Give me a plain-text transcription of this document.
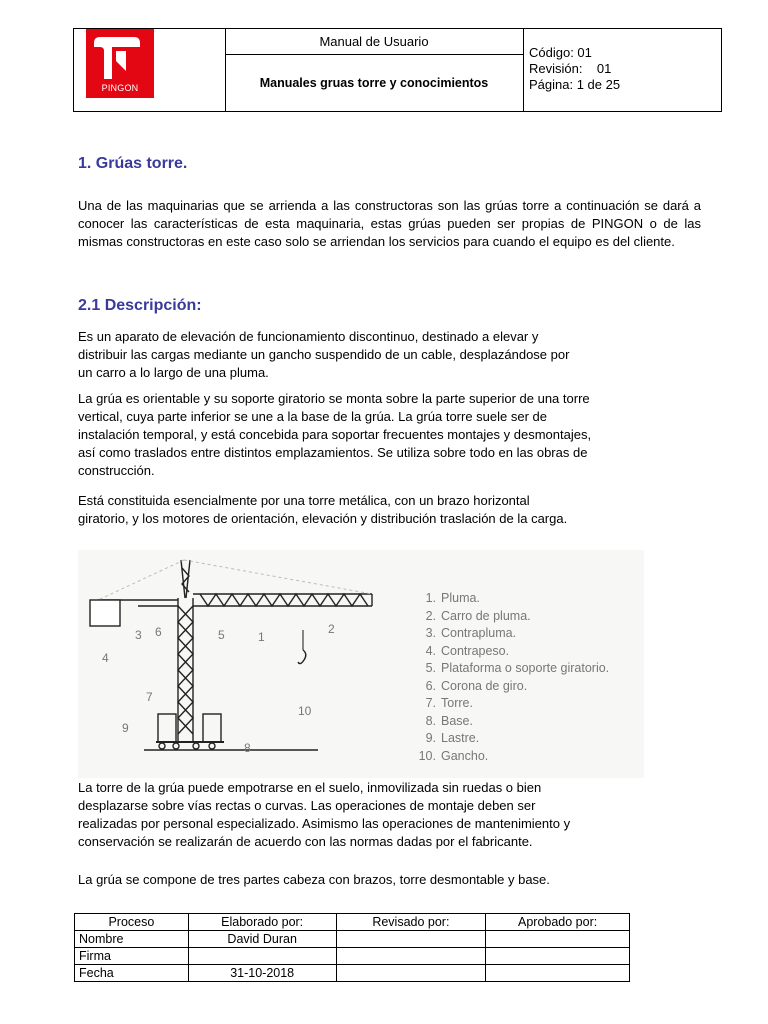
PINGON
Manual de Usuario
Manuales gruas torre y conocimientos
Código: 01
Revisión:    01
Página: 1 de 25
1. Grúas torre.

Una de las maquinarias que se arrienda a las constructoras son las grúas torre a continuación se dará a conocer las características de esta maquinaria, estas grúas pueden ser propias de PINGON o de las mismas constructoras en este caso solo se arriendan los servicios para cuando el equipo es del cliente.

2.1 Descripción:

Es un aparato de elevación de funcionamiento discontinuo, destinado a elevar y distribuir las cargas mediante un gancho suspendido de un cable, desplazándose por un carro a lo largo de una pluma.

La grúa es orientable y su soporte giratorio se monta sobre la parte superior de una torre vertical, cuya parte inferior se une a la base de la grúa. La grúa torre suele ser de instalación temporal, y está concebida para soportar frecuentes montajes y desmontajes, así como traslados entre distintos emplazamientos. Se utiliza sobre todo en las obras de construcción.

Está constituida esencialmente por una torre metálica, con un brazo horizontal giratorio, y los motores de orientación, elevación y distribución traslación de la carga.

2
1
3 6	5
4
7
9
10
8
1. Pluma.
2. Carro de pluma.
3. Contrapluma.
4. Contrapeso.
5. Plataforma o soporte giratorio.
6. Corona de giro.
7. Torre.
8. Base.
9. Lastre.
10. Gancho.

La torre de la grúa puede empotrarse en el suelo, inmovilizada sin ruedas o bien desplazarse sobre vías rectas o curvas. Las operaciones de montaje deben ser realizadas por personal especializado. Asimismo las operaciones de mantenimiento y conservación se realizarán de acuerdo con las normas dadas por el fabricante.

La grúa se compone de tres partes cabeza con brazos, torre desmontable y base.

Proceso	Elaborado por:	Revisado por:	Aprobado por:
Nombre	David Duran		
Firma			
Fecha	31-10-2018		
